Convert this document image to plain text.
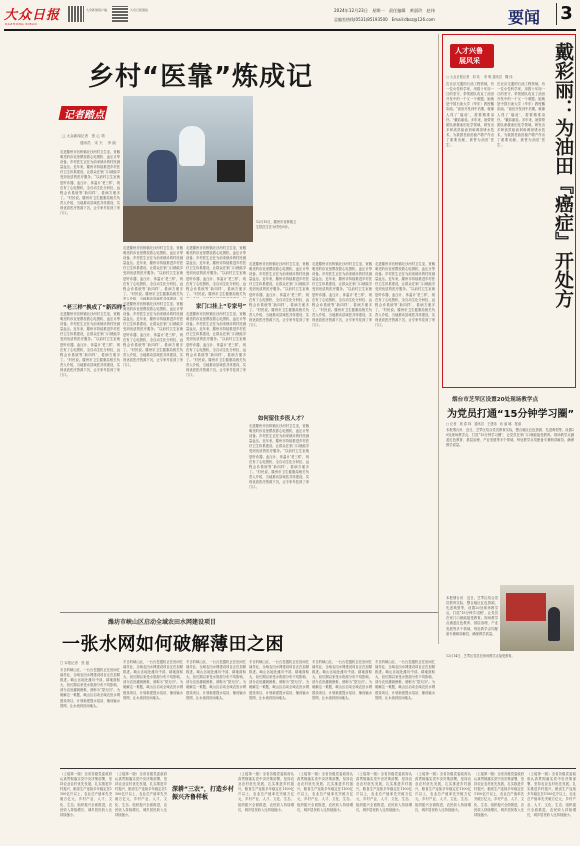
大众日报
DAZHONG RIBAO
大众新闻客户端	大众日报微信	2024年12月23日　星期一　责任编辑　黄晨玲　赵伟
总编室热线(0531)85193500　Email:dbsz@126.com	要闻 3
乡村“医靠”炼成记
记者踏点
□ 大众新闻记者　张 心 靖
通讯员　宋 天 　李 丽
走进滕州市官桥镇北沙河村卫生室，宽敞明亮的诊室里摆放着心电图机、血压计等设备。乡村医生正在为前来就诊的村民测量血压。近年来，滕州市持续推进乡村医疗卫生体系建设，让群众在家门口就能享受到优质的医疗服务。“以前村卫生室就是听诊器、血压计、体温计‘老三样’，现在有了心电图机、全自动生化分析仪、远程会诊系统等‘新四样’，看病方便多了。”村民说。滕州市卫生健康局相关负责人介绍，当地推动县域医共体建设，实现优质医疗资源下沉，让专家号挂到了家门口。
“老三样”换成了“新四样”
走进滕州市官桥镇北沙河村卫生室，宽敞明亮的诊室里摆放着心电图机、血压计等设备。乡村医生正在为前来就诊的村民测量血压。近年来，滕州市持续推进乡村医疗卫生体系建设，让群众在家门口就能享受到优质的医疗服务。“以前村卫生室就是听诊器、血压计、体温计‘老三样’，现在有了心电图机、全自动生化分析仪、远程会诊系统等‘新四样’，看病方便多了。”村民说。滕州市卫生健康局相关负责人介绍，当地推动县域医共体建设，实现优质医疗资源下沉，让专家号挂到了家门口。
12月15日，滕州市官桥镇卫生院医生在为村民问诊。
走进滕州市官桥镇北沙河村卫生室，宽敞明亮的诊室里摆放着心电图机、血压计等设备。乡村医生正在为前来就诊的村民测量血压。近年来，滕州市持续推进乡村医疗卫生体系建设，让群众在家门口就能享受到优质的医疗服务。“以前村卫生室就是听诊器、血压计、体温计‘老三样’，现在有了心电图机、全自动生化分析仪、远程会诊系统等‘新四样’，看病方便多了。”村民说。滕州市卫生健康局相关负责人介绍，当地推动县域医共体建设，实
走进滕州市官桥镇北沙河村卫生室，宽敞明亮的诊室里摆放着心电图机、血压计等设备。乡村医生正在为前来就诊的村民测量血压。近年来，滕州市持续推进乡村医疗卫生体系建设，让群众在家门口就能享受到优质的医疗服务。“以前村卫生室就是听诊器、血压计、体温计‘老三样’，现在有了心电图机、全自动生化分析仪、远程会诊系统等‘新四样’，看病方便多了。”村民说。滕州市卫生健康局相关负责人介绍，当地推动县域医共体建设，实现优质医疗资源下沉，让专家号挂到了家门口。
走进滕州市官桥镇北沙河村卫生室，宽敞明亮的诊室里摆放着心电图机、血压计等设备。乡村医生正在为前来就诊的村民测量血压。近年来，滕州市持续推进乡村医疗卫生体系建设，让群众在家门口就能享受到优质的医疗服务。“以前村卫生室就是听诊器、血压计、体温计‘老三样’，现在有了心电图机、全自动生化分析仪、远程会诊系统等‘新四样’，看病方便多了。”村民说。滕州市卫生健康局相关负
家门口挂上“专家号”
走进滕州市官桥镇北沙河村卫生室，宽敞明亮的诊室里摆放着心电图机、血压计等设备。乡村医生正在为前来就诊的村民测量血压。近年来，滕州市持续推进乡村医疗卫生体系建设，让群众在家门口就能享受到优质的医疗服务。“以前村卫生室就是听诊器、血压计、体温计‘老三样’，现在有了心电图机、全自动生化分析仪、远程会诊系统等‘新四样’，看病方便多了。”村民说。滕州市卫生健康局相关负责人介绍，当地推动县域医共体建设，实现优质医疗资源下沉，让专家号挂到了家门口。
走进滕州市官桥镇北沙河村卫生室，宽敞明亮的诊室里摆放着心电图机、血压计等设备。乡村医生正在为前来就诊的村民测量血压。近年来，滕州市持续推进乡村医疗卫生体系建设，让群众在家门口就能享受到优质的医疗服务。“以前村卫生室就是听诊器、血压计、体温计‘老三样’，现在有了心电图机、全自动生化分析仪、远程会诊系统等‘新四样’，看病方便多了。”村民说。滕州市卫生健康局相关负责人介绍，当地推动县域医共体建设，实现优质医疗资源下沉，让专家号挂到了家门口。
如何留住乡医人才？
走进滕州市官桥镇北沙河村卫生室，宽敞明亮的诊室里摆放着心电图机、血压计等设备。乡村医生正在为前来就诊的村民测量血压。近年来，滕州市持续推进乡村医疗卫生体系建设，让群众在家门口就能享受到优质的医疗服务。“以前村卫生室就是听诊器、血压计、体温计‘老三样’，现在有了心电图机、全自动生化分析仪、远程会诊系统等‘新四样’，看病方便多了。”村民说。滕州市卫生健康局相关负责人介绍，当地推动县域医共体建设，实现优质医疗资源下沉，让专家号挂到了家门口。
走进滕州市官桥镇北沙河村卫生室，宽敞明亮的诊室里摆放着心电图机、血压计等设备。乡村医生正在为前来就诊的村民测量血压。近年来，滕州市持续推进乡村医疗卫生体系建设，让群众在家门口就能享受到优质的医疗服务。“以前村卫生室就是听诊器、血压计、体温计‘老三样’，现在有了心电图机、全自动生化分析仪、远程会诊系统等‘新四样’，看病方便多了。”村民说。滕州市卫生健康局相关负责人介绍，当地推动县域医共体建设，实现优质医疗资源下沉，让专家号挂到了家门口。
走进滕州市官桥镇北沙河村卫生室，宽敞明亮的诊室里摆放着心电图机、血压计等设备。乡村医生正在为前来就诊的村民测量血压。近年来，滕州市持续推进乡村医疗卫生体系建设，让群众在家门口就能享受到优质的医疗服务。“以前村卫生室就是听诊器、血压计、体温计‘老三样’，现在有了心电图机、全自动生化分析仪、远程会诊系统等‘新四样’，看病方便多了。”村民说。滕州市卫生健康局相关负责人介绍，当地推动县域医共体建设，实现优质医疗资源下沉，让专家号挂到了家门口。
人才兴鲁
展风采
□ 大众日报记者　刘 英　 李 明 通讯员　魏 伟 戴彩丽：为油田『癌症』开处方
在北京交通的石油工程领域，有一位女性科学家，用数十年如一日的坚守，带领团队攻克了油田开发中的一个又一个难题，她就是中国石油大学（华东）教授戴彩丽。“油田开发到中后期，就像人得了‘癌症’，需要精准治疗。”戴彩丽说。多年来，她带领团队深耕油田化学领域，研发出多种高效驱油剂和调剖堵水技术，为我国老油田稳产增产作出了重要贡献，被誉为油田‘医生’。
在北京交通的石油工程领域，有一位女性科学家，用数十年如一日的坚守，带领团队攻克了油田开发中的一个又一个难题，她就是中国石油大学（华东）教授戴彩丽。“油田开发到中后期，就像人得了‘癌症’，需要精准治疗。”戴彩丽说。多年来，她带领团队深耕油田化学领域，研发出多种高效驱油剂和调剖堵水技术，为我国老油田稳产增产作出了重要贡献，被誉为油田‘医生’。
烟台市芝罘区设置20处现场教学点
为党员打通“15分钟学习圈”
□ 记者　郭 春 林　通讯员　王建伟　孙 丽 娜　报道
本报烟台讯　近日，芝罘区结合党员教育实际，整合辖区红色资源、先进典型等，设置20处现场教学点，打造“15分钟学习圈”，让党员在家门口就能接受教育。现场教学点涵盖红色教育、基层治理、产业发展等多个领域，每处教学点均配备专兼职讲解员，确保教学质量。
本报烟台讯　近日，芝罘区结合党员教育实际，整合辖区红色资源、先进典型等，设置20处现场教学点，打造“15分钟学习圈”，让党员在家门口就能接受教育。现场教学点涵盖红色教育、基层治理、产业发展等多个领域，每处教学点均配备专兼职讲解员，确保教学质量。
12月14日，芝罘区党员在现场教学点接受教育。
潍坊市峡山区启动全域农田水网建设项目
一张水网如何破解薄田之困
□ 本报记者　张 磊
冬日的峡山区，一台台挖掘机正在田间忙碌作业，全域农田水网建设项目正在加紧推进。峡山区地处潍坊中部，耕地面积大，但长期以来受水资源分布不均影响，部分农田灌溉困难，被称为“望天田”。为破解这一难题，峡山区启动全域农田水网建设项目，计划新建提水泵站、铺设输水管网，让水流到田间地头。
冬日的峡山区，一台台挖掘机正在田间忙碌作业，全域农田水网建设项目正在加紧推进。峡山区地处潍坊中部，耕地面积大，但长期以来受水资源分布不均影响，部分农田灌溉困难，被称为“望天田”。为破解这一难题，峡山区启动全域农田水网建设项目，计划新建提水泵站、铺设输水管网，让水流到田间地头。
冬日的峡山区，一台台挖掘机正在田间忙碌作业，全域农田水网建设项目正在加紧推进。峡山区地处潍坊中部，耕地面积大，但长期以来受水资源分布不均影响，部分农田灌溉困难，被称为“望天田”。为破解这一难题，峡山区启动全域农田水网建设项目，计划新建提水泵站、铺设输水管网，让水流到田间地头。
冬日的峡山区，一台台挖掘机正在田间忙碌作业，全域农田水网建设项目正在加紧推进。峡山区地处潍坊中部，耕地面积大，但长期以来受水资源分布不均影响，部分农田灌溉困难，被称为“望天田”。为破解这一难题，峡山区启动全域农田水网建设项目，计划新建提水泵站、铺设输水管网，让水流到田间地头。
冬日的峡山区，一台台挖掘机正在田间忙碌作业，全域农田水网建设项目正在加紧推进。峡山区地处潍坊中部，耕地面积大，但长期以来受水资源分布不均影响，部分农田灌溉困难，被称为“望天田”。为破解这一难题，峡山区启动全域农田水网建设项目，计划新建提水泵站、铺设输水管网，让水流到田间地头。
冬日的峡山区，一台台挖掘机正在田间忙碌作业，全域农田水网建设项目正在加紧推进。峡山区地处潍坊中部，耕地面积大，但长期以来受水资源分布不均影响，部分农田灌溉困难，被称为“望天田”。为破解这一难题，峡山区启动全域农田水网建设项目，计划新建提水泵站、铺设输水管网，让水流到田间地头。
（上接第一版）全省各级党委政府认真贯彻落实党中央决策部署，坚持农业农村优先发展，扎实推进乡村振兴，粮食生产连续多年稳定在1100亿斤以上，农业总产值率先突破万亿元，乡村产业、人才、文化、生态、组织振兴全面推进，农民收入持续增长，城乡居民收入比持续缩小。
（上接第一版）全省各级党委政府认真贯彻落实党中央决策部署，坚持农业农村优先发展，扎实推进乡村振兴，粮食生产连续多年稳定在1100亿斤以上，农业总产值率先突破万亿元，乡村产业、人才、文化、生态、组织振兴全面推进，农民收入持续增长，城乡居民收入比持续缩小。
深耕“三农”，打造乡村振兴齐鲁样板
（上接第一版）全省各级党委政府认真贯彻落实党中央决策部署，坚持农业农村优先发展，扎实推进乡村振兴，粮食生产连续多年稳定在1100亿斤以上，农业总产值率先突破万亿元，乡村产业、人才、文化、生态、组织振兴全面推进，农民收入持续增长，城乡居民收入比持续缩小。
（上接第一版）全省各级党委政府认真贯彻落实党中央决策部署，坚持农业农村优先发展，扎实推进乡村振兴，粮食生产连续多年稳定在1100亿斤以上，农业总产值率先突破万亿元，乡村产业、人才、文化、生态、组织振兴全面推进，农民收入持续增长，城乡居民收入比持续缩小。
（上接第一版）全省各级党委政府认真贯彻落实党中央决策部署，坚持农业农村优先发展，扎实推进乡村振兴，粮食生产连续多年稳定在1100亿斤以上，农业总产值率先突破万亿元，乡村产业、人才、文化、生态、组织振兴全面推进，农民收入持续增长，城乡居民收入比持续缩小。
（上接第一版）全省各级党委政府认真贯彻落实党中央决策部署，坚持农业农村优先发展，扎实推进乡村振兴，粮食生产连续多年稳定在1100亿斤以上，农业总产值率先突破万亿元，乡村产业、人才、文化、生态、组织振兴全面推进，农民收入持续增长，城乡居民收入比持续缩小。
（上接第一版）全省各级党委政府认真贯彻落实党中央决策部署，坚持农业农村优先发展，扎实推进乡村振兴，粮食生产连续多年稳定在1100亿斤以上，农业总产值率先突破万亿元，乡村产业、人才、文化、生态、组织振兴全面推进，农民收入持续增长，城乡居民收入比持续缩小。
（上接第一版）全省各级党委政府认真贯彻落实党中央决策部署，坚持农业农村优先发展，扎实推进乡村振兴，粮食生产连续多年稳定在1100亿斤以上，农业总产值率先突破万亿元，乡村产业、人才、文化、生态、组织振兴全面推进，农民收入持续增长，城乡居民收入比持续缩小。
